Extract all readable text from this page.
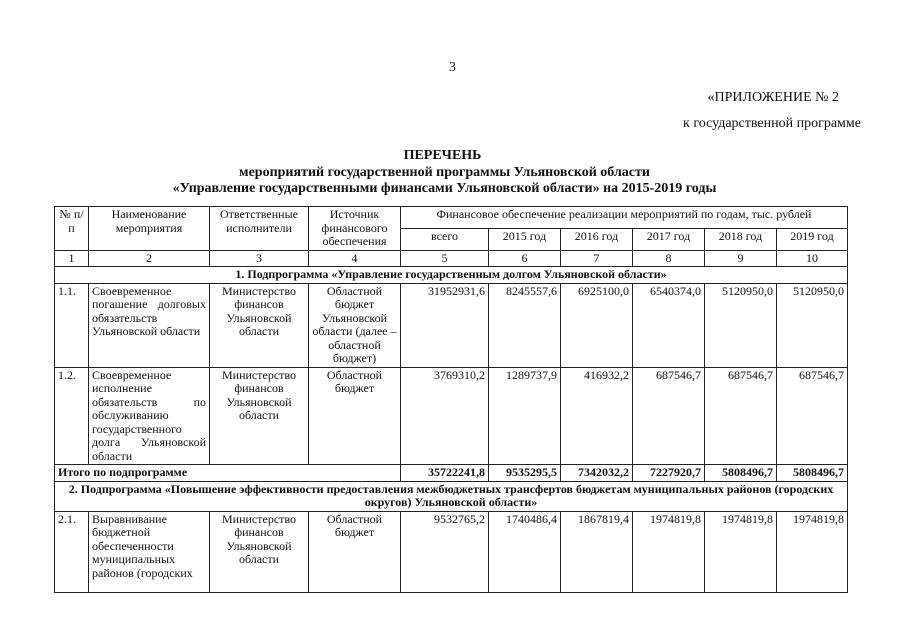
3
«ПРИЛОЖЕНИЕ № 2
к государственной программе
ПЕРЕЧЕНЬ
мероприятий государственной программы Ульяновской области
«Управление государственными финансами Ульяновской области» на 2015-2019 годы
№ п/п	Наименование мероприятия	Ответственные исполнители	Источник финансового обеспечения	Финансовое обеспечение реализации мероприятий по годам, тыс. рублей					
				всего	2015 год	2016 год	2017 год	2018 год	2019 год
1	2	3	4	5	6	7	8	9	10
1. Подпрограмма «Управление государственным долгом Ульяновской области»									
1.1.	Своевременное погашение долговых обязательств Ульяновской области	Министерство финансов Ульяновской области	Областной бюджет Ульяновской области (далее – областной бюджет)	31952931,6	8245557,6	6925100,0	6540374,0	5120950,0	5120950,0
1.2.	Своевременное исполнение обязательств по обслуживанию государственного долга Ульяновской области	Министерство финансов Ульяновской области	Областной бюджет	3769310,2	1289737,9	416932,2	687546,7	687546,7	687546,7
Итого по подпрограмме				35722241,8	9535295,5	7342032,2	7227920,7	5808496,7	5808496,7
2. Подпрограмма «Повышение эффективности предоставления межбюджетных трансфертов бюджетам муниципальных районов (городских округов) Ульяновской области»									
2.1.	Выравнивание бюджетной обеспеченности муниципальных районов (городских	Министерство финансов Ульяновской области	Областной бюджет	9532765,2	1740486,4	1867819,4	1974819,8	1974819,8	1974819,8
